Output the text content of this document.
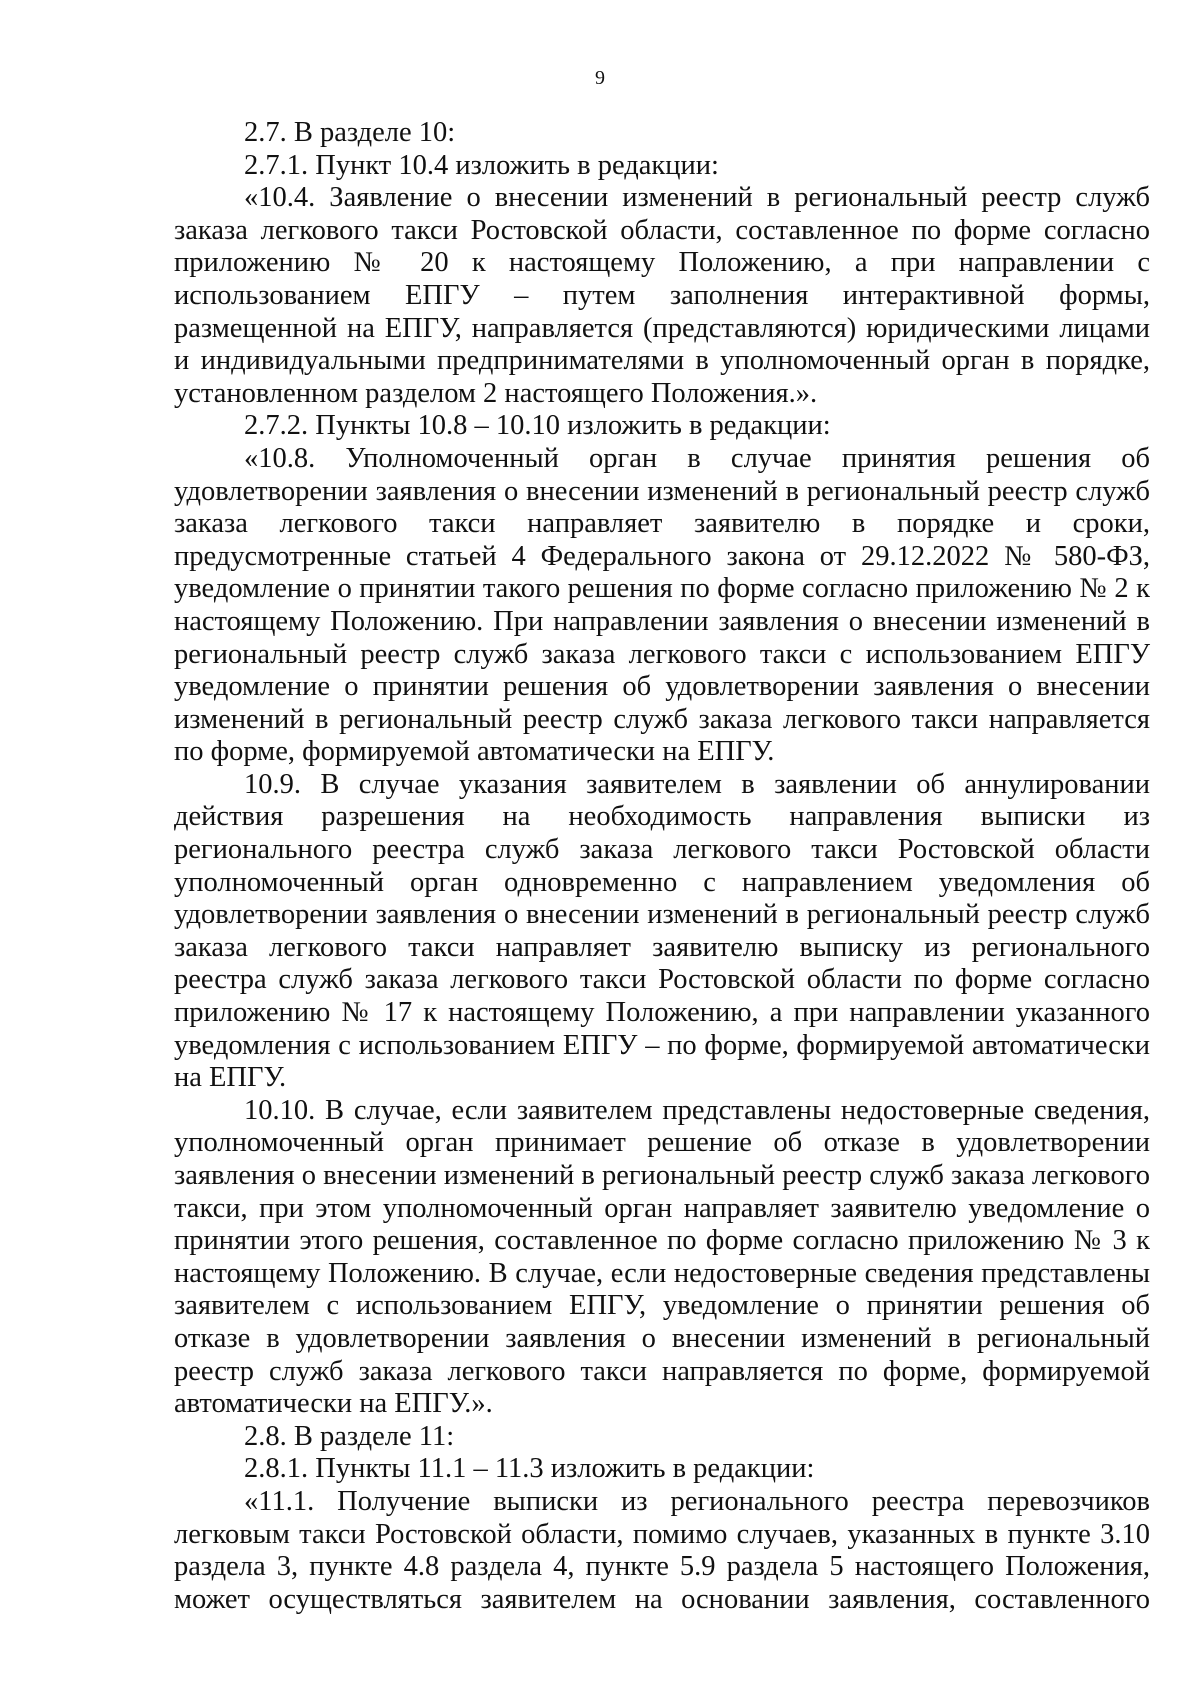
9

2.7. В разделе 10:

2.7.1. Пункт 10.4 изложить в редакции:

«10.4. Заявление о внесении изменений в региональный реестр служб заказа легкового такси Ростовской области, составленное по форме согласно приложению № 20 к настоящему Положению, а при направлении с использованием ЕПГУ – путем заполнения интерактивной формы, размещенной на ЕПГУ, направляется (представляются) юридическими лицами и индивидуальными предпринимателями в уполномоченный орган в порядке, установленном разделом 2 настоящего Положения.».

2.7.2. Пункты 10.8 – 10.10 изложить в редакции:

«10.8. Уполномоченный орган в случае принятия решения об удовлетворении заявления о внесении изменений в региональный реестр служб заказа легкового такси направляет заявителю в порядке и сроки, предусмотренные статьей 4 Федерального закона от 29.12.2022 № 580-ФЗ, уведомление о принятии такого решения по форме согласно приложению № 2 к настоящему Положению. При направлении заявления о внесении изменений в региональный реестр служб заказа легкового такси с использованием ЕПГУ уведомление о принятии решения об удовлетворении заявления о внесении изменений в региональный реестр служб заказа легкового такси направляется по форме, формируемой автоматически на ЕПГУ.

10.9. В случае указания заявителем в заявлении об аннулировании действия разрешения на необходимость направления выписки из регионального реестра служб заказа легкового такси Ростовской области уполномоченный орган одновременно с направлением уведомления об удовлетворении заявления о внесении изменений в региональный реестр служб заказа легкового такси направляет заявителю выписку из регионального реестра служб заказа легкового такси Ростовской области по форме согласно приложению № 17 к настоящему Положению, а при направлении указанного уведомления с использованием ЕПГУ – по форме, формируемой автоматически на ЕПГУ.

10.10. В случае, если заявителем представлены недостоверные сведения, уполномоченный орган принимает решение об отказе в удовлетворении заявления о внесении изменений в региональный реестр служб заказа легкового такси, при этом уполномоченный орган направляет заявителю уведомление о принятии этого решения, составленное по форме согласно приложению № 3 к настоящему Положению. В случае, если недостоверные сведения представлены заявителем с использованием ЕПГУ, уведомление о принятии решения об отказе в удовлетворении заявления о внесении изменений в региональный реестр служб заказа легкового такси направляется по форме, формируемой автоматически на ЕПГУ.».

2.8. В разделе 11:

2.8.1. Пункты 11.1 – 11.3 изложить в редакции:

«11.1. Получение выписки из регионального реестра перевозчиков легковым такси Ростовской области, помимо случаев, указанных в пункте 3.10 раздела 3, пункте 4.8 раздела 4, пункте 5.9 раздела 5 настоящего Положения, может осуществляться заявителем на основании заявления, составленного
